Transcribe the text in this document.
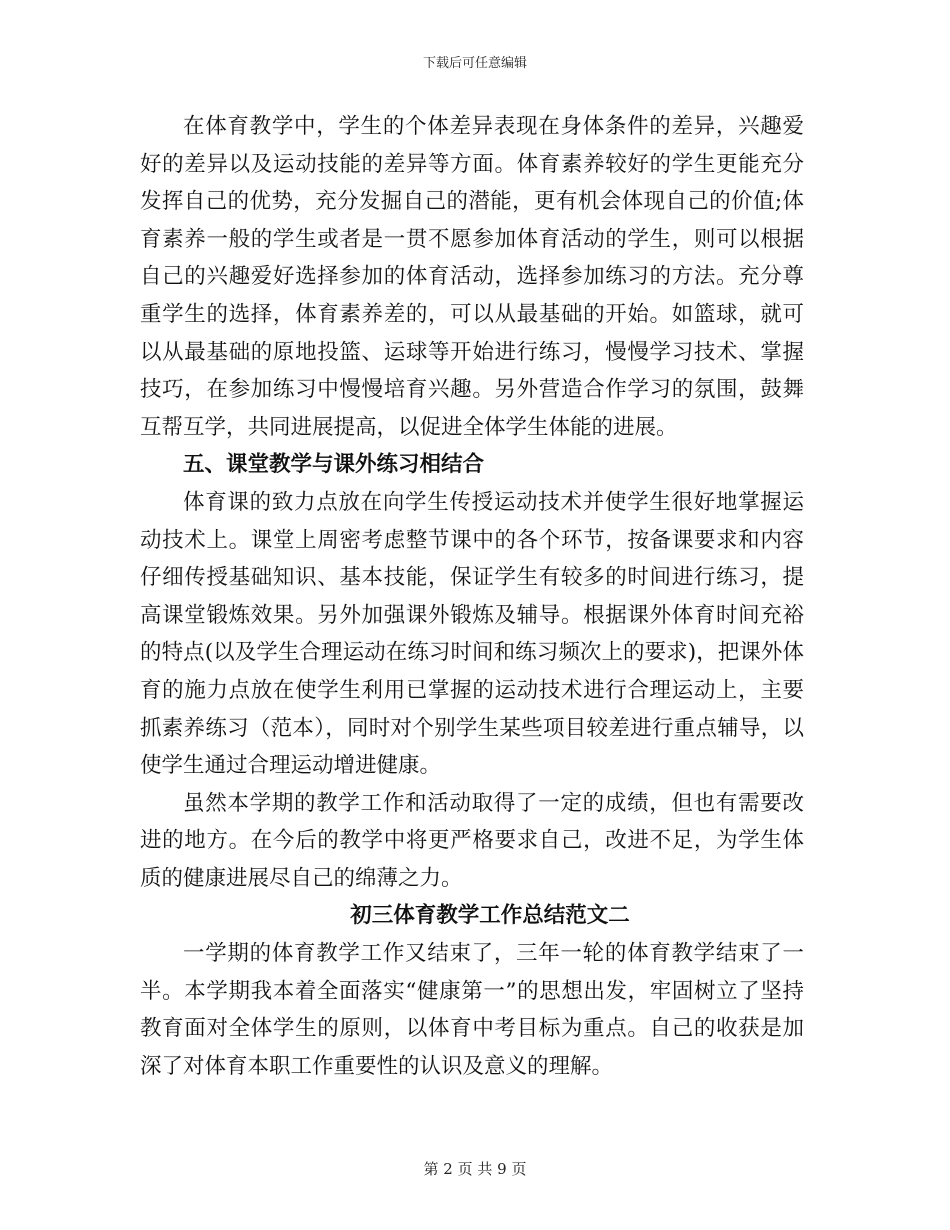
下载后可任意编辑

在体育教学中，学生的个体差异表现在身体条件的差异，兴趣爱好的差异以及运动技能的差异等方面。体育素养较好的学生更能充分发挥自己的优势，充分发掘自己的潜能，更有机会体现自己的价值;体育素养一般的学生或者是一贯不愿参加体育活动的学生，则可以根据自己的兴趣爱好选择参加的体育活动，选择参加练习的方法。充分尊重学生的选择，体育素养差的，可以从最基础的开始。如篮球，就可以从最基础的原地投篮、运球等开始进行练习，慢慢学习技术、掌握技巧，在参加练习中慢慢培育兴趣。另外营造合作学习的氛围，鼓舞互帮互学，共同进展提高，以促进全体学生体能的进展。

五、课堂教学与课外练习相结合

体育课的致力点放在向学生传授运动技术并使学生很好地掌握运动技术上。课堂上周密考虑整节课中的各个环节，按备课要求和内容仔细传授基础知识、基本技能，保证学生有较多的时间进行练习，提高课堂锻炼效果。另外加强课外锻炼及辅导。根据课外体育时间充裕的特点(以及学生合理运动在练习时间和练习频次上的要求)，把课外体育的施力点放在使学生利用已掌握的运动技术进行合理运动上，主要抓素养练习（范本），同时对个别学生某些项目较差进行重点辅导，以使学生通过合理运动增进健康。

虽然本学期的教学工作和活动取得了一定的成绩，但也有需要改进的地方。在今后的教学中将更严格要求自己，改进不足，为学生体质的健康进展尽自己的绵薄之力。

初三体育教学工作总结范文二

一学期的体育教学工作又结束了，三年一轮的体育教学结束了一半。本学期我本着全面落实“健康第一”的思想出发，牢固树立了坚持教育面对全体学生的原则，以体育中考目标为重点。自己的收获是加深了对体育本职工作重要性的认识及意义的理解。

第 2 页 共 9 页
